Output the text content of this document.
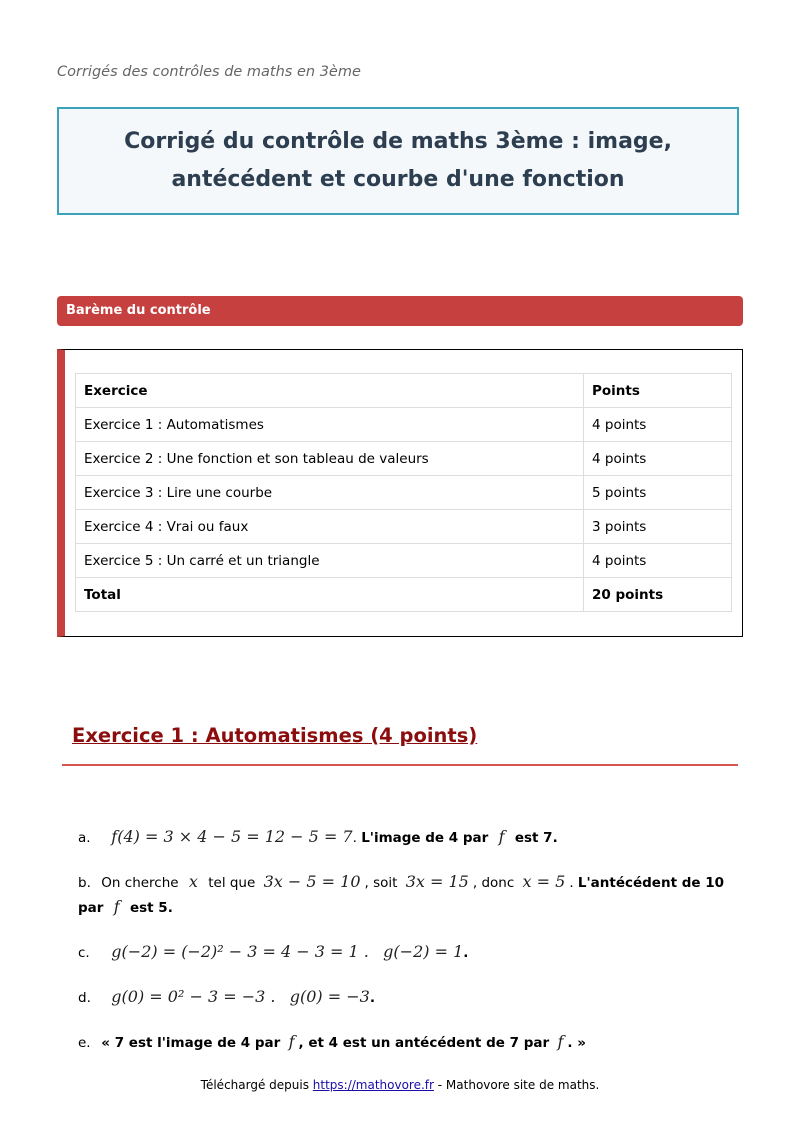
Corrigés des contrôles de maths en 3ème
Corrigé du contrôle de maths 3ème : image, antécédent et courbe d'une fonction
Barème du contrôle
Exercice	Points
Exercice 1 : Automatismes	4 points
Exercice 2 : Une fonction et son tableau de valeurs	4 points
Exercice 3 : Lire une courbe	5 points
Exercice 4 : Vrai ou faux	3 points
Exercice 5 : Un carré et un triangle	4 points
Total	20 points
Exercice 1 : Automatismes (4 points)
a. f(4) = 3 × 4 − 5 = 12 − 5 = 7. L'image de 4 par f est 7.
b. On cherche x tel que 3x − 5 = 10 , soit 3x = 15 , donc x = 5 . L'antécédent de 10 par f est 5.
c. g(−2) = (−2)² − 3 = 4 − 3 = 1 . g(−2) = 1.
d. g(0) = 0² − 3 = −3 . g(0) = −3.
e. « 7 est l'image de 4 par f , et 4 est un antécédent de 7 par f . »
Téléchargé depuis https://mathovore.fr - Mathovore site de maths.
